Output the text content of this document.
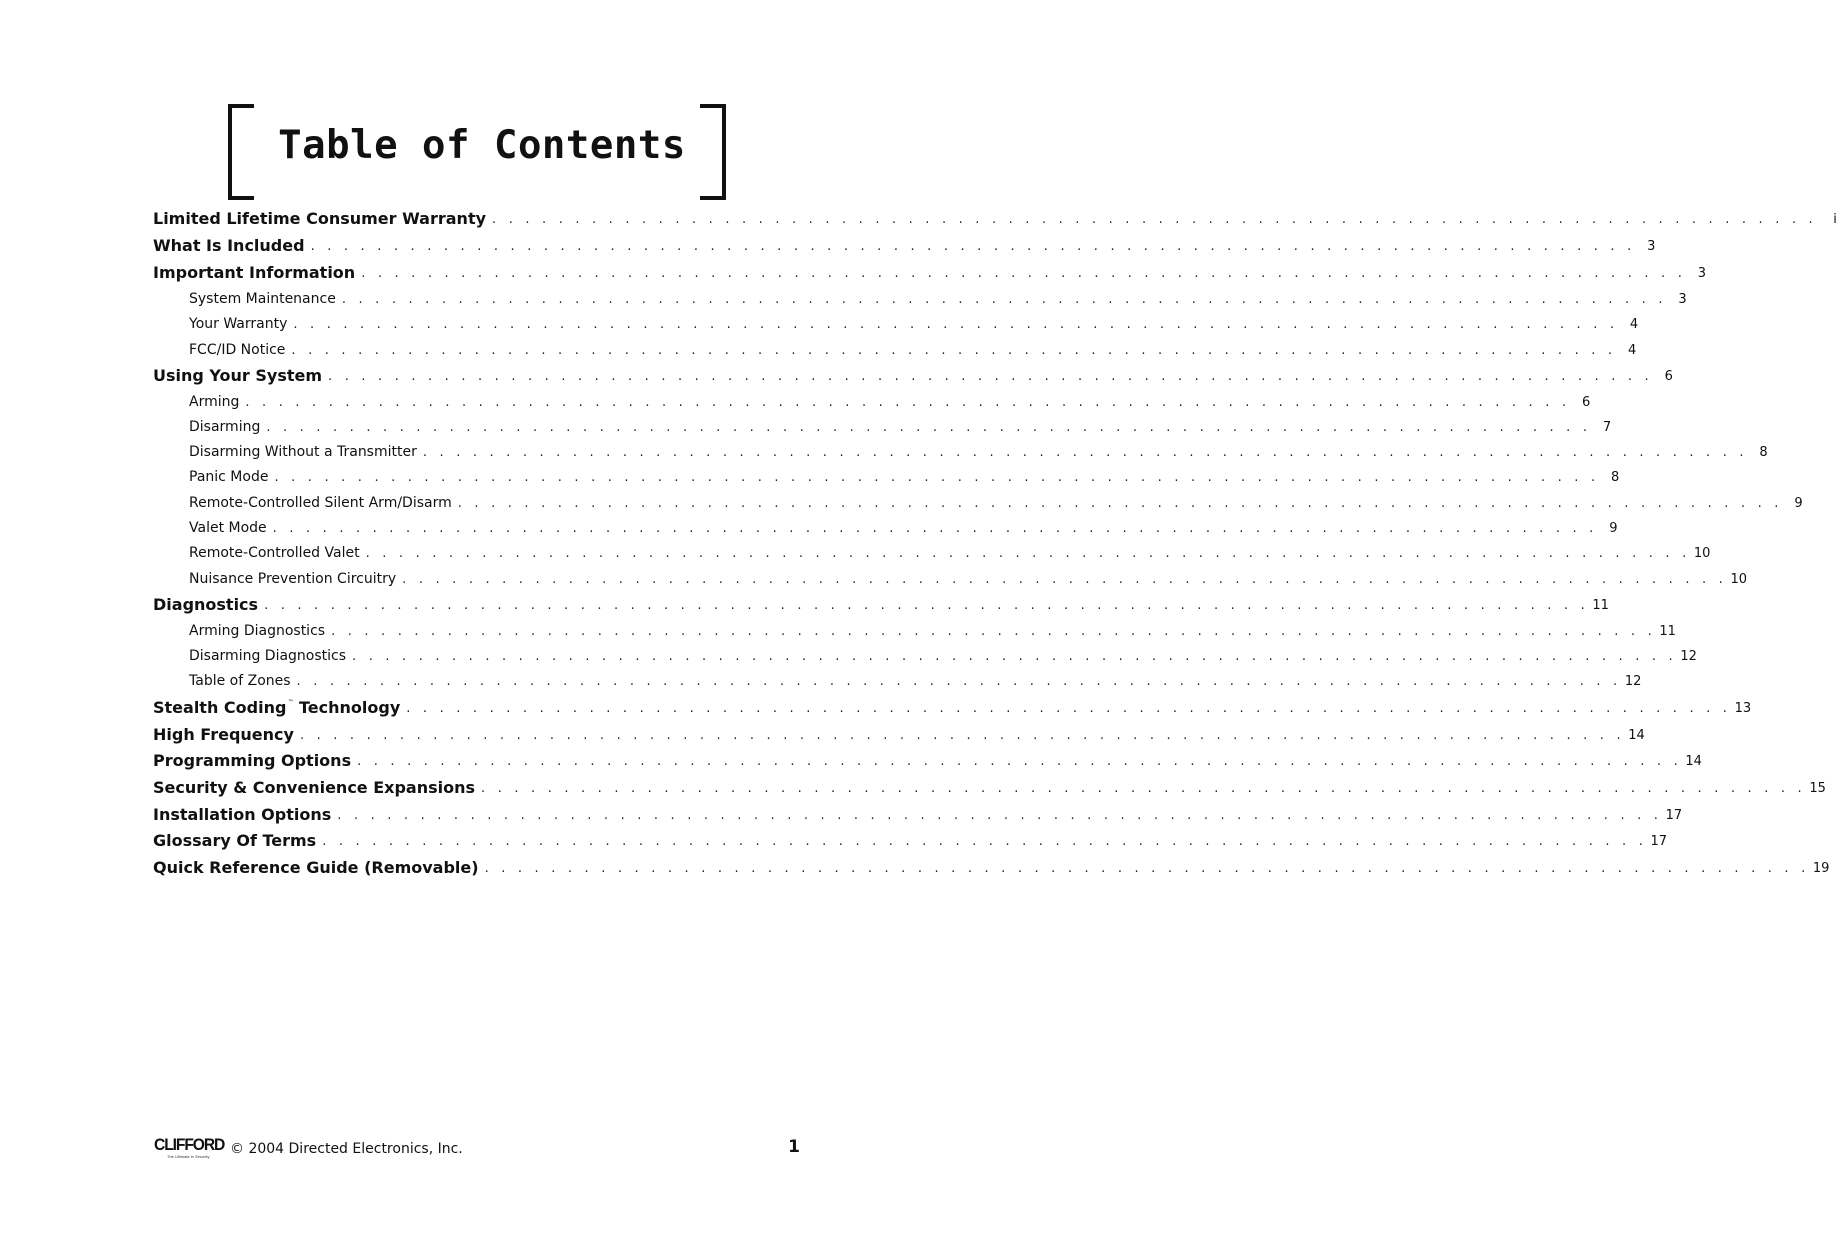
Table of Contents
Limited Lifetime Consumer Warranty . . . . . . . . . . . . . . . . . . . . . . . . . . . . . . . . . . . . . . . . . . . . . . . . . . . . . . . . . . . . . . . . . . . . . . . . . . . . . . . .	i
What Is Included . . . . . . . . . . . . . . . . . . . . . . . . . . . . . . . . . . . . . . . . . . . . . . . . . . . . . . . . . . . . . . . . . . . . . . . . . . . . . . . . 3
Important Information . . . . . . . . . . . . . . . . . . . . . . . . . . . . . . . . . . . . . . . . . . . . . . . . . . . . . . . . . . . . . . . . . . . . . . . . . . . . . . . . 3
System Maintenance . . . . . . . . . . . . . . . . . . . . . . . . . . . . . . . . . . . . . . . . . . . . . . . . . . . . . . . . . . . . . . . . . . . . . . . . . . . . . . . . 3
Your Warranty . . . . . . . . . . . . . . . . . . . . . . . . . . . . . . . . . . . . . . . . . . . . . . . . . . . . . . . . . . . . . . . . . . . . . . . . . . . . . . . . 4
FCC/ID Notice . . . . . . . . . . . . . . . . . . . . . . . . . . . . . . . . . . . . . . . . . . . . . . . . . . . . . . . . . . . . . . . . . . . . . . . . . . . . . . . . 4
Using Your System . . . . . . . . . . . . . . . . . . . . . . . . . . . . . . . . . . . . . . . . . . . . . . . . . . . . . . . . . . . . . . . . . . . . . . . . . . . . . . . . 6
Arming . . . . . . . . . . . . . . . . . . . . . . . . . . . . . . . . . . . . . . . . . . . . . . . . . . . . . . . . . . . . . . . . . . . . . . . . . . . . . . . . 6
Disarming . . . . . . . . . . . . . . . . . . . . . . . . . . . . . . . . . . . . . . . . . . . . . . . . . . . . . . . . . . . . . . . . . . . . . . . . . . . . . . . . 7
Disarming Without a Transmitter . . . . . . . . . . . . . . . . . . . . . . . . . . . . . . . . . . . . . . . . . . . . . . . . . . . . . . . . . . . . . . . . . . . . . . . . . . . . . . . . 8
Panic Mode . . . . . . . . . . . . . . . . . . . . . . . . . . . . . . . . . . . . . . . . . . . . . . . . . . . . . . . . . . . . . . . . . . . . . . . . . . . . . . . . 8
Remote-Controlled Silent Arm/Disarm . . . . . . . . . . . . . . . . . . . . . . . . . . . . . . . . . . . . . . . . . . . . . . . . . . . . . . . . . . . . . . . . . . . . . . . . . . . . . . . . 9
Valet Mode . . . . . . . . . . . . . . . . . . . . . . . . . . . . . . . . . . . . . . . . . . . . . . . . . . . . . . . . . . . . . . . . . . . . . . . . . . . . . . . . 9
Remote-Controlled Valet . . . . . . . . . . . . . . . . . . . . . . . . . . . . . . . . . . . . . . . . . . . . . . . . . . . . . . . . . . . . . . . . . . . . . . . . . . . . . . . . 10
Nuisance Prevention Circuitry . . . . . . . . . . . . . . . . . . . . . . . . . . . . . . . . . . . . . . . . . . . . . . . . . . . . . . . . . . . . . . . . . . . . . . . . . . . . . . . . 10
Diagnostics . . . . . . . . . . . . . . . . . . . . . . . . . . . . . . . . . . . . . . . . . . . . . . . . . . . . . . . . . . . . . . . . . . . . . . . . . . . . . . . . 11
Arming Diagnostics . . . . . . . . . . . . . . . . . . . . . . . . . . . . . . . . . . . . . . . . . . . . . . . . . . . . . . . . . . . . . . . . . . . . . . . . . . . . . . . . 11
Disarming Diagnostics . . . . . . . . . . . . . . . . . . . . . . . . . . . . . . . . . . . . . . . . . . . . . . . . . . . . . . . . . . . . . . . . . . . . . . . . . . . . . . . . 12
Table of Zones . . . . . . . . . . . . . . . . . . . . . . . . . . . . . . . . . . . . . . . . . . . . . . . . . . . . . . . . . . . . . . . . . . . . . . . . . . . . . . . . 12
Stealth Coding™ Technology . . . . . . . . . . . . . . . . . . . . . . . . . . . . . . . . . . . . . . . . . . . . . . . . . . . . . . . . . . . . . . . . . . . . . . . . . . . . . . . . 13
High Frequency . . . . . . . . . . . . . . . . . . . . . . . . . . . . . . . . . . . . . . . . . . . . . . . . . . . . . . . . . . . . . . . . . . . . . . . . . . . . . . . . 14
Programming Options . . . . . . . . . . . . . . . . . . . . . . . . . . . . . . . . . . . . . . . . . . . . . . . . . . . . . . . . . . . . . . . . . . . . . . . . . . . . . . . . 14
Security & Convenience Expansions . . . . . . . . . . . . . . . . . . . . . . . . . . . . . . . . . . . . . . . . . . . . . . . . . . . . . . . . . . . . . . . . . . . . . . . . . . . . . . . . 15
Installation Options . . . . . . . . . . . . . . . . . . . . . . . . . . . . . . . . . . . . . . . . . . . . . . . . . . . . . . . . . . . . . . . . . . . . . . . . . . . . . . . . 17
Glossary Of Terms . . . . . . . . . . . . . . . . . . . . . . . . . . . . . . . . . . . . . . . . . . . . . . . . . . . . . . . . . . . . . . . . . . . . . . . . . . . . . . . . 17
Quick Reference Guide (Removable) . . . . . . . . . . . . . . . . . . . . . . . . . . . . . . . . . . . . . . . . . . . . . . . . . . . . . . . . . . . . . . . . . . . . . . . . . . . . . . . . 19
CLIFFORD
The Ultimate in Security	© 2004 Directed Electronics, Inc.	1
